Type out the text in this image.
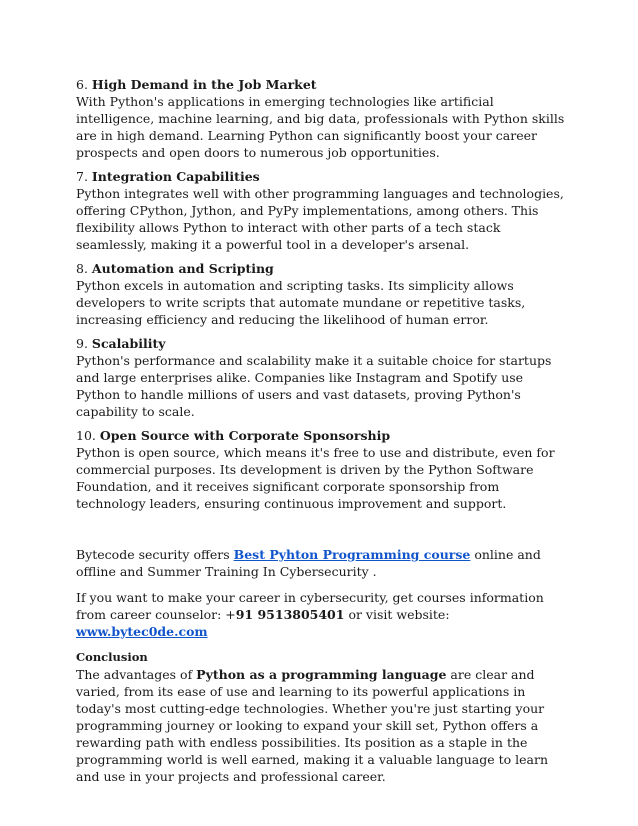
6. High Demand in the Job Market

With Python's applications in emerging technologies like artificial intelligence, machine learning, and big data, professionals with Python skills are in high demand. Learning Python can significantly boost your career prospects and open doors to numerous job opportunities.

7. Integration Capabilities

Python integrates well with other programming languages and technologies, offering CPython, Jython, and PyPy implementations, among others. This flexibility allows Python to interact with other parts of a tech stack seamlessly, making it a powerful tool in a developer's arsenal.

8. Automation and Scripting

Python excels in automation and scripting tasks. Its simplicity allows developers to write scripts that automate mundane or repetitive tasks, increasing efficiency and reducing the likelihood of human error.

9. Scalability

Python's performance and scalability make it a suitable choice for startups and large enterprises alike. Companies like Instagram and Spotify use Python to handle millions of users and vast datasets, proving Python's capability to scale.

10. Open Source with Corporate Sponsorship

Python is open source, which means it's free to use and distribute, even for commercial purposes. Its development is driven by the Python Software Foundation, and it receives significant corporate sponsorship from technology leaders, ensuring continuous improvement and support.

Bytecode security offers Best Pyhton Programming course online and offline and Summer Training In Cybersecurity .

If you want to make your career in cybersecurity, get courses information from career counselor: +91 9513805401 or visit website: www.bytec0de.com

Conclusion

The advantages of Python as a programming language are clear and varied, from its ease of use and learning to its powerful applications in today's most cutting-edge technologies. Whether you're just starting your programming journey or looking to expand your skill set, Python offers a rewarding path with endless possibilities. Its position as a staple in the programming world is well earned, making it a valuable language to learn and use in your projects and professional career.
